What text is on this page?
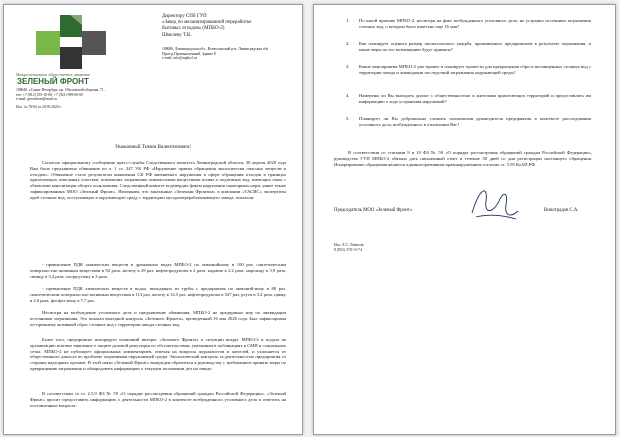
Межрегиональное общественное движение
ЗЕЛЕНЫЙ ФРОНТ
188640, г.Санкт-Петербург, пр. Обуховской обороны, 71,
тел. +7 (812) 555-10-00, +7 (921) 999-00-00
e-mail: greenfront@mail.ru
Исх. № 76/04 от 20.05.2020 г.
Директору СПб ГУП
«Завод по механизированной переработке
бытовых отходов» (МПБО-2)
Шмелеву Т.В.
188680, Ленинградская обл., Всеволожский р-н, Ленинградская обл
Проезд Промышленный, Здание 8
e-mail: info@mpbo2.ru
Уважаемый Тимон Валентинович!
Согласно официальному сообщению пресс-службы Следственного комитета Ленинградской области, 30 апреля 2020 года Вам было предъявлено обвинение по ч. 1 ст. 247 УК РФ «Нарушение правил обращения экологически опасных веществ и отходов». Обвинение стало результатом выявления СК РФ вменяемого нарушения в сфере обращения отходов в границах прилегающих земельных участков, повлекших загрязнение химическими веществами почвы и подземных вод, имеющих связь с объектами канализации общего пользования. Следственный комитет подтвердил факты нарушения санитарных норм, ранее также зафиксированных МОО «Зеленый Фронт». Напомним, что заказанные «Зеленым Фронтом» в компании «ТАСИС» экспертизы проб сточных вод, поступающих в окружающую среду с территории мусороперерабатывающего завода, показали:
- превышение ПДК химических веществ в дренажных водах МПБО-2 по аммонийному в 100 раз, синтетическим поверхностно-активным веществам в 92 раза, железу в 29 раз, нефтепродуктам в 2 раза, кадмию в 2,2 раза, марганцу в 3,9 раза, свинцу в 3,4 раза, хлорид-иону в 3 раза.
- превышение ПДК химических веществ в водах, выходящих из трубы с предприятия по аммоний-иону в 80 раз, синтетическим поверхностно-активным веществам в 113 раз, железу в 14,5 раз, нефтепродуктам в 547 раз, ртути в 3,4 раза, цинку в 2,6 раза, фосфат-иону в 7,7 раз.
Несмотря на возбуждение уголовного дела и предъявление обвинения, МПБО-2 не предпринял мер по ликвидации источников загрязнения. Это показал выездной контроль «Зеленого Фронта», проведенный 16 мая 2020 года. Был зафиксирован по-прежнему активный сброс сточных вод с территории завода сточных вод.
Более того, предприятие игнорирует излишний интерес «Зеленого Фронта» к ситуации вокруг МПБО-2 и подала на организацию исковое заявление о защите деловой репутации по обстоятельствам, указанным в публикациях в СМИ и социальных сетях. МПБО-2 не публикует официальных комментариев, отвечая на вопросы журналистов и жителей, и уклоняется от общественного диалога по проблеме загрязнения окружающей среды. Экологический контроль за деятельностью предприятия со стороны надзорных органов. В этой связи «Зеленый Фронт» вынужден обратиться к руководству с требованием принять меры по прекращению загрязнения и обнародовать информацию о текущем положении дел на заводе.
В соответствии со ст. 2,5,9 ФЗ № 59 «О порядке рассмотрения обращений граждан Российской Федерации», «Зеленый Фронт» просит предоставить информацию о деятельности МПБО-2 в контексте возбужденного уголовного дела и ответить на поставленные вопросы:
1. По какой причине МПБО-2, несмотря на факт возбужденного уголовного дела, не устранил источники загрязнения сточных вод, о котором было известно еще 16 мая?
2. Как планирует оценить размер экологического ущерба, причиненного предприятием в результате загрязнения, и какие меры по его возмещению будут приняты?
3. Какие мероприятия МПБО-2 уже провел и планирует провести для прекращения сброса неочищенных сточных вод с территории завода и ликвидации последствий загрязнения окружающей среды?
4. Намерены ли Вы выходить диалог с общественностью и жителями прилегающих территорий и предоставлять им информацию о ходе устранения нарушений?
5. Планирует ли Вы добровольно сложить полномочия руководителя предприятия в контексте расследования уголовного дела, возбужденного в отношении Вас?
В соответствии со статьями 9 и 10 ФЗ № 59 «О порядке рассмотрения обращений граждан Российской Федерации», руководство ГУП МПБО-2 обязано дать письменный ответ в течение 30 дней со дня регистрации настоящего обращения. Игнорирование обращения является административным правонарушением согласно ст. 5.59 КоАП РФ.
Председатель МОО «Зеленый Фронт»	Виноградов С.А.
Исп. Е.С. Левитов
8 (952) 378-13-74
